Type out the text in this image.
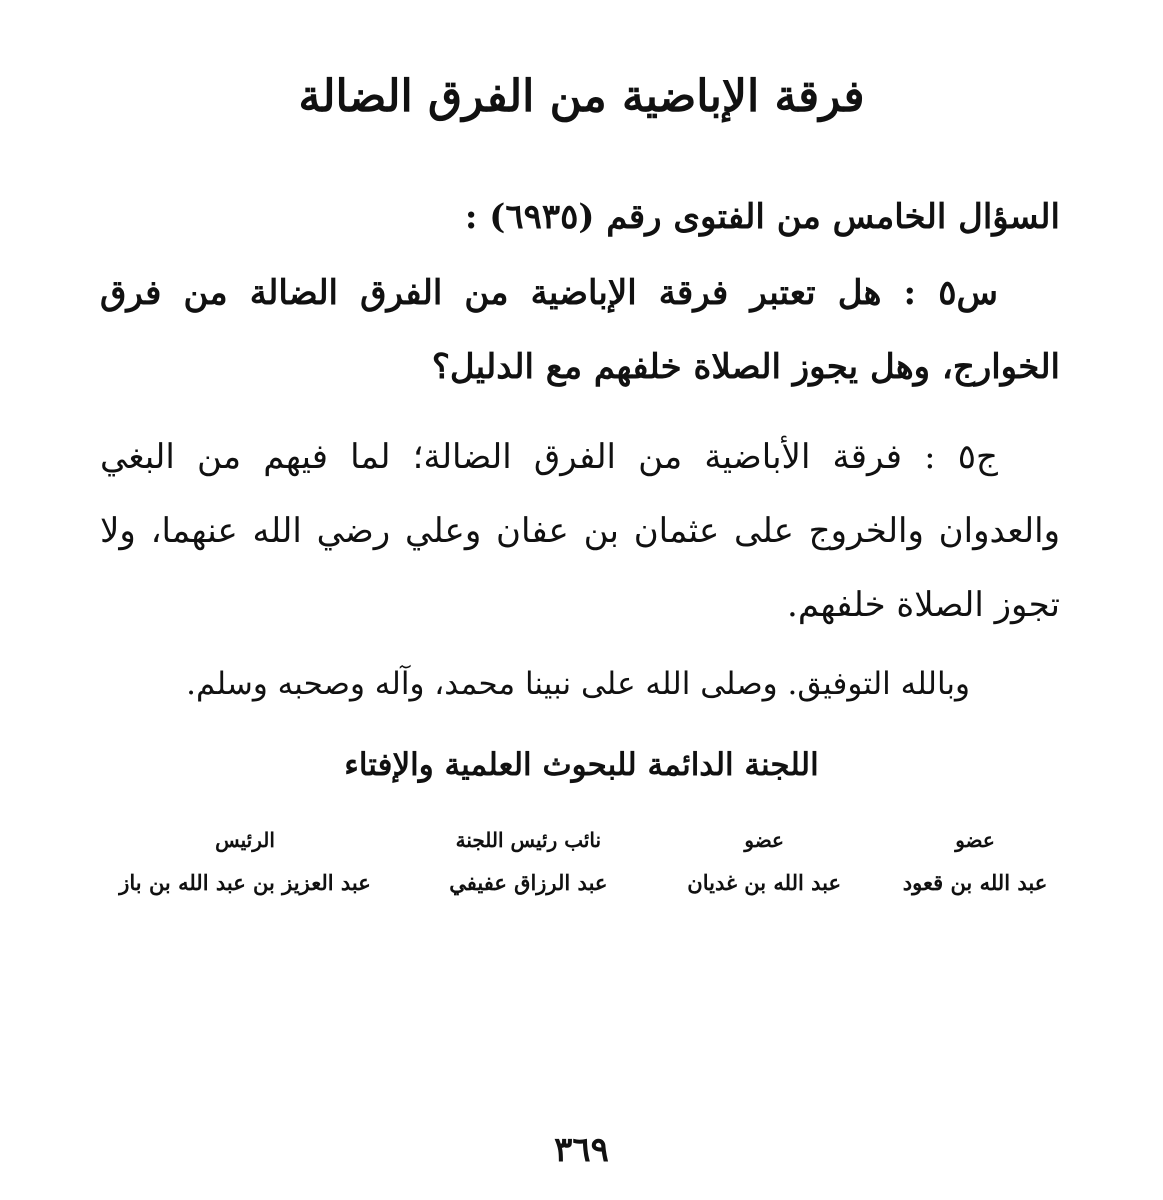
فرقة الإباضية من الفرق الضالة
السؤال الخامس من الفتوى رقم (٦٩٣٥) :
س٥ : هل تعتبر فرقة الإباضية من الفرق الضالة من فرق الخوارج، وهل يجوز الصلاة خلفهم مع الدليل؟
ج٥ : فرقة الأباضية من الفرق الضالة؛ لما فيهم من البغي والعدوان والخروج على عثمان بن عفان وعلي رضي الله عنهما، ولا تجوز الصلاة خلفهم.
وبالله التوفيق. وصلى الله على نبينا محمد، وآله وصحبه وسلم.
اللجنة الدائمة للبحوث العلمية والإفتاء
عضو
عبد الله بن قعود
عضو
عبد الله بن غديان
نائب رئيس اللجنة
عبد الرزاق عفيفي
الرئيس
عبد العزيز بن عبد الله بن باز
٣٦٩
